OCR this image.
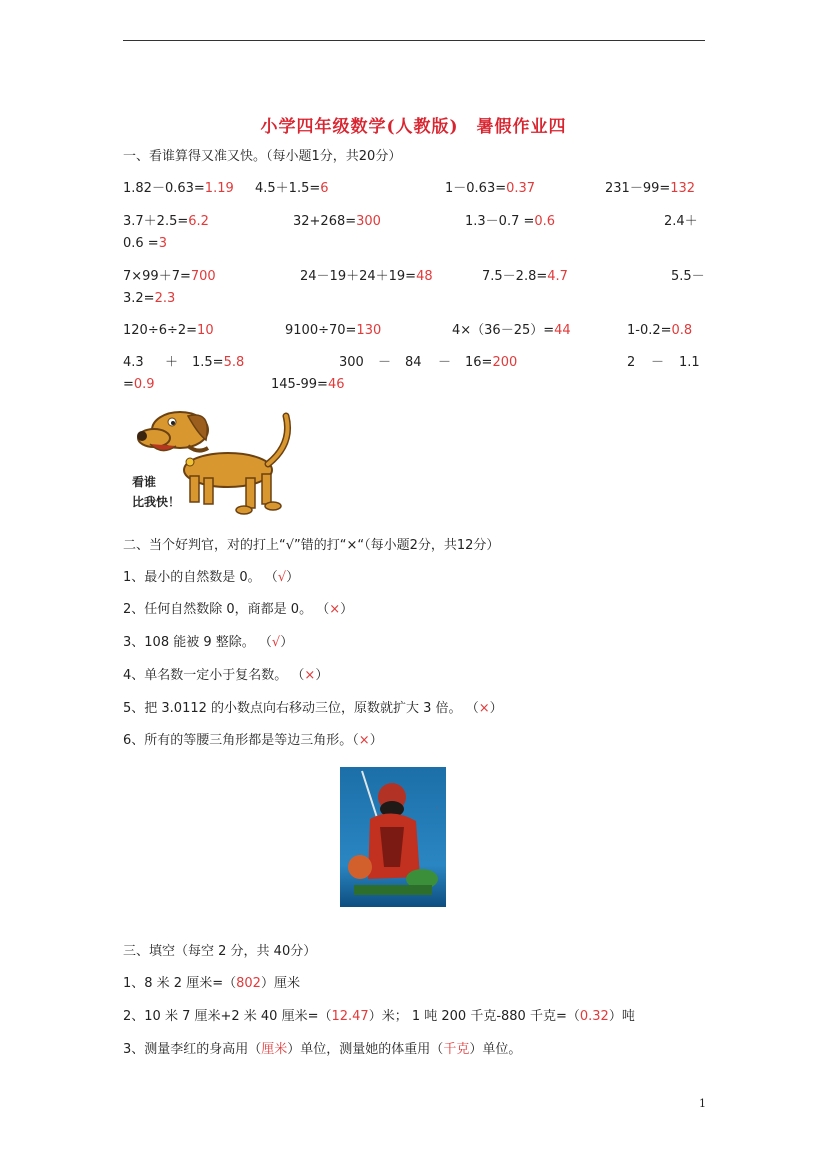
小学四年级数学(人教版)　暑假作业四
一、看谁算得又准又快。（每小题1分，共20分）
1.82－0.63=1.19 4.5＋1.5=6	1－0.63=0.37	231－99=132
3.7＋2.5=6.2	32+268=300	1.3－0.7 =0.6	2.4＋
0.6 =3
7×99＋7=700	24－19＋24＋19=48	7.5－2.8=4.7	5.5－
3.2=2.3
120÷6÷2=10	9100÷70=130	4×（36－25）=44	1-0.2=0.8
4.3 ＋ 1.5=5.8	300 － 84 － 16=200	2 － 1.1
=0.9	145-99=46
看谁
比我快！
二、当个好判官，对的打上“√”错的打“×“（每小题2分，共12分）
1、最小的自然数是 0。 （√）
2、任何自然数除 0，商都是 0。 （×）
3、108 能被 9 整除。 （√）
4、单名数一定小于复名数。 （×）
5、把 3.0112 的小数点向右移动三位，原数就扩大 3 倍。 （×）
6、所有的等腰三角形都是等边三角形。（×）
·
三、填空（每空 2 分，共 40分）
1、8 米 2 厘米=（802）厘米
2、10 米 7 厘米+2 米 40 厘米=（12.47）米； 1 吨 200 千克-880 千克=（0.32）吨
3、测量李红的身高用（厘米）单位，测量她的体重用（千克）单位。
1
